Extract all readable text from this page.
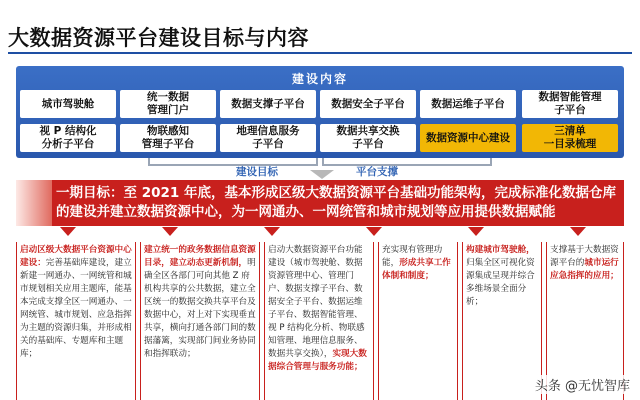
大数据资源平台建设目标与内容
建设内容
城市驾驶舱
统一数据
管理门户
数据支撑子平台	数据安全子平台	数据运维子平台
数据智能管理
子平台
视 P 结构化
分析子平台
物联感知
管理子平台
地理信息服务
子平台
数据共享交换
子平台
数据资源中心建设
三清单
一目录梳理
建设目标	平台支撑
一期目标：至 2021 年底，基本形成区级大数据资源平台基础功能架构，完成标准化数据仓库的建设并建立数据资源中心，为一网通办、一网统管和城市规划等应用提供数据赋能
启动区级大数据平台资源中心建设：完善基础库建设，建立新建一网通办、一网统管和城市规划相关应用主题库，能基本完成支撑全区一网通办、一网统管、城市规划、应急指挥为主题的资源归集，并形成相关的基础库、专题库和主题库；
建立统一的政务数据信息资源目录，建立动态更新机制，明确全区各部门可向其他 Z 府机构共享的公共数据，建立全区统一的数据交换共享平台及数据中心，对上对下实现垂直共享，横向打通各部门间的数据藩篱，实现部门间业务协同和指挥联动；
启动大数据资源平台功能建设（城市驾驶舱、数据资源管理中心、管理门户、数据支撑子平台、数据安全子平台、数据运维子平台、数据智能管理、视 P 结构化分析、物联感知管理、地理信息服务、数据共享交换），实现大数据综合管理与服务功能；
充实现有管理功能，形成共享工作体制和制度；
构建城市驾驶舱，归集全区可视化资源集成呈现并综合多维场景全面分析；
支撑基于大数据资源平台的城市运行应急指挥的应用；
头条 @无忧智库
